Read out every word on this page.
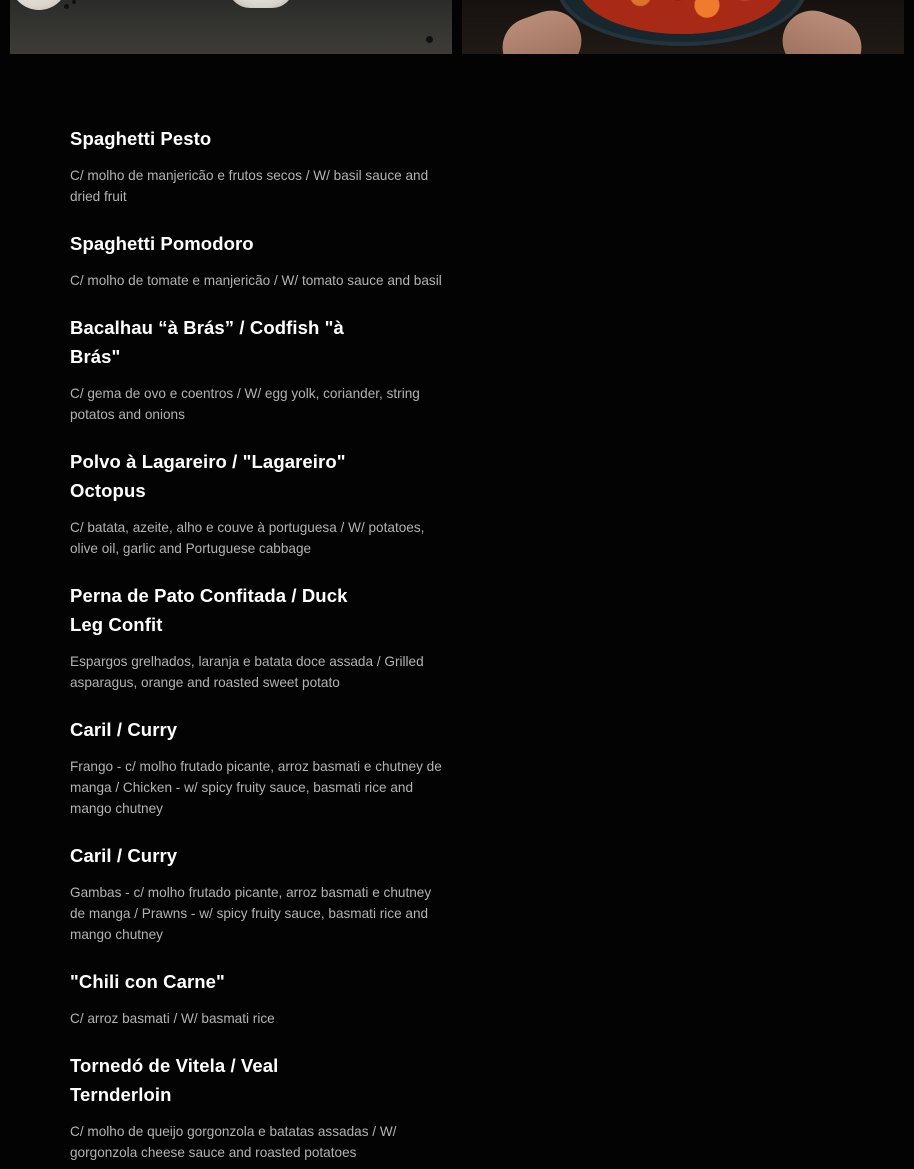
Spaghetti Pesto
C/ molho de manjericão e frutos secos / W/ basil sauce and dried fruit
Spaghetti Pomodoro
C/ molho de tomate e manjericão / W/ tomato sauce and basil
Bacalhau “à Brás” / Codfish "à Brás"
C/ gema de ovo e coentros / W/ egg yolk, coriander, string potatos and onions
Polvo à Lagareiro / "Lagareiro" Octopus
C/ batata, azeite, alho e couve à portuguesa / W/ potatoes, olive oil, garlic and Portuguese cabbage
Perna de Pato Confitada / Duck Leg Confit
Espargos grelhados, laranja e batata doce assada / Grilled asparagus, orange and roasted sweet potato
Caril / Curry
Frango - c/ molho frutado picante, arroz basmati e chutney de manga / Chicken - w/ spicy fruity sauce, basmati rice and mango chutney
Caril / Curry
Gambas - c/ molho frutado picante, arroz basmati e chutney de manga / Prawns - w/ spicy fruity sauce, basmati rice and mango chutney
"Chili con Carne"
C/ arroz basmati / W/ basmati rice
Tornedó de Vitela / Veal Ternderloin
C/ molho de queijo gorgonzola e batatas assadas / W/ gorgonzola cheese sauce and roasted potatoes
